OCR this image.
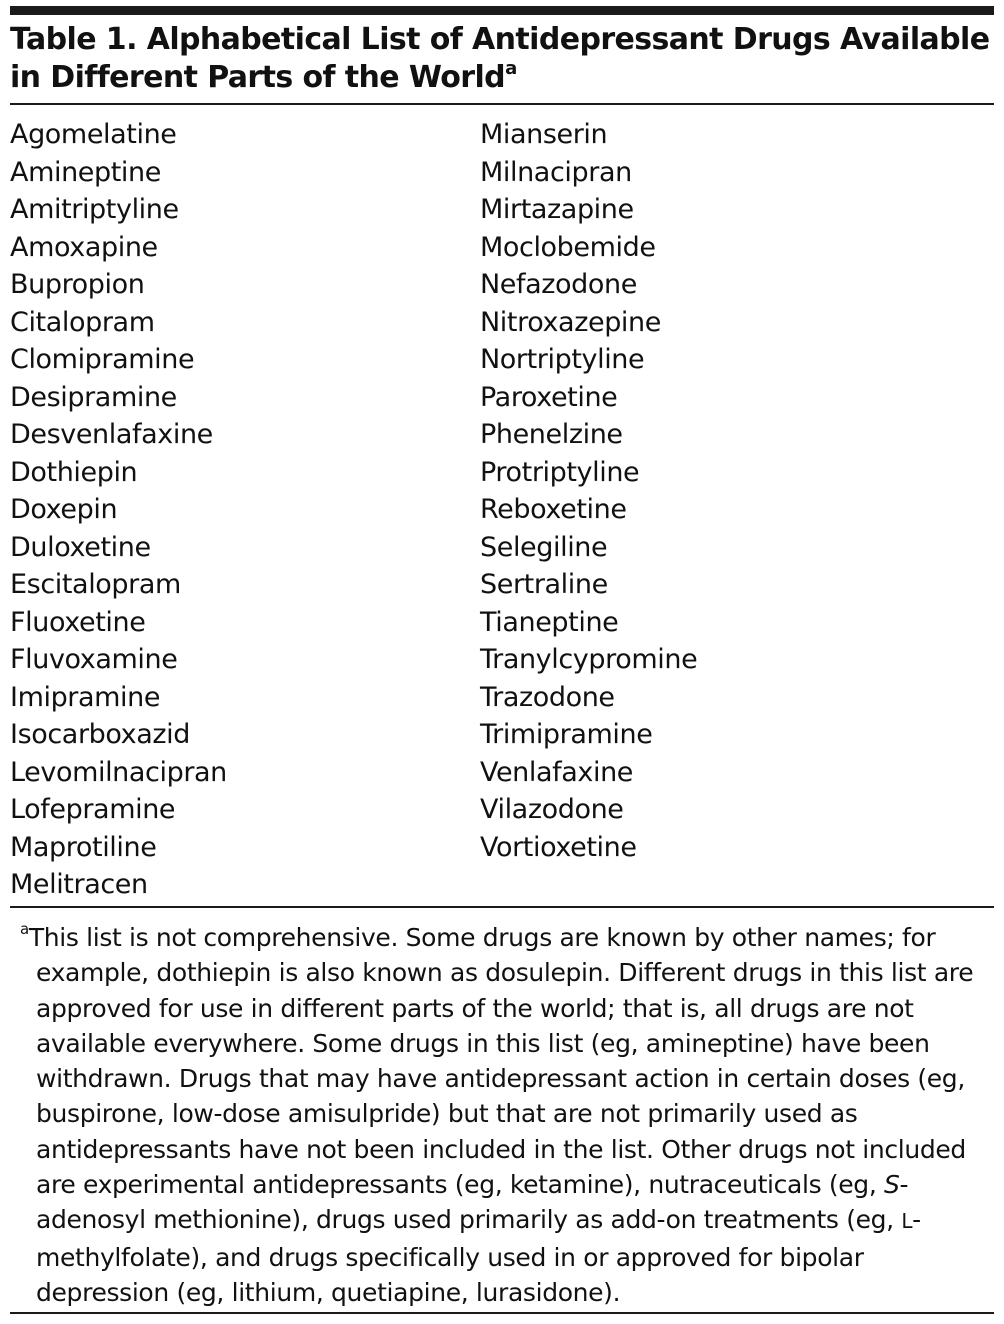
Table 1. Alphabetical List of Antidepressant Drugs Available in Different Parts of the World$^a$
Agomelatine
Amineptine
Amitriptyline
Amoxapine
Bupropion
Citalopram
Clomipramine
Desipramine
Desvenlafaxine
Dothiepin
Doxepin
Duloxetine
Escitalopram
Fluoxetine
Fluvoxamine
Imipramine
Isocarboxazid
Levomilnacipran
Lofepramine
Maprotiline
Melitracen
Mianserin
Milnacipran
Mirtazapine
Moclobemide
Nefazodone
Nitroxazepine
Nortriptyline
Paroxetine
Phenelzine
Protriptyline
Reboxetine
Selegiline
Sertraline
Tianeptine
Tranylcypromine
Trazodone
Trimipramine
Venlafaxine
Vilazodone
Vortioxetine

$^a$This list is not comprehensive. Some drugs are known by other names; for example, dothiepin is also known as dosulepin. Different drugs in this list are approved for use in different parts of the world; that is, all drugs are not available everywhere. Some drugs in this list (eg, amineptine) have been withdrawn. Drugs that may have antidepressant action in certain doses (eg, buspirone, low-dose amisulpride) but that are not primarily used as antidepressants have not been included in the list. Other drugs not included are experimental antidepressants (eg, ketamine), nutraceuticals (eg, S-adenosyl methionine), drugs used primarily as add-on treatments (eg, L-methylfolate), and drugs specifically used in or approved for bipolar depression (eg, lithium, quetiapine, lurasidone).
